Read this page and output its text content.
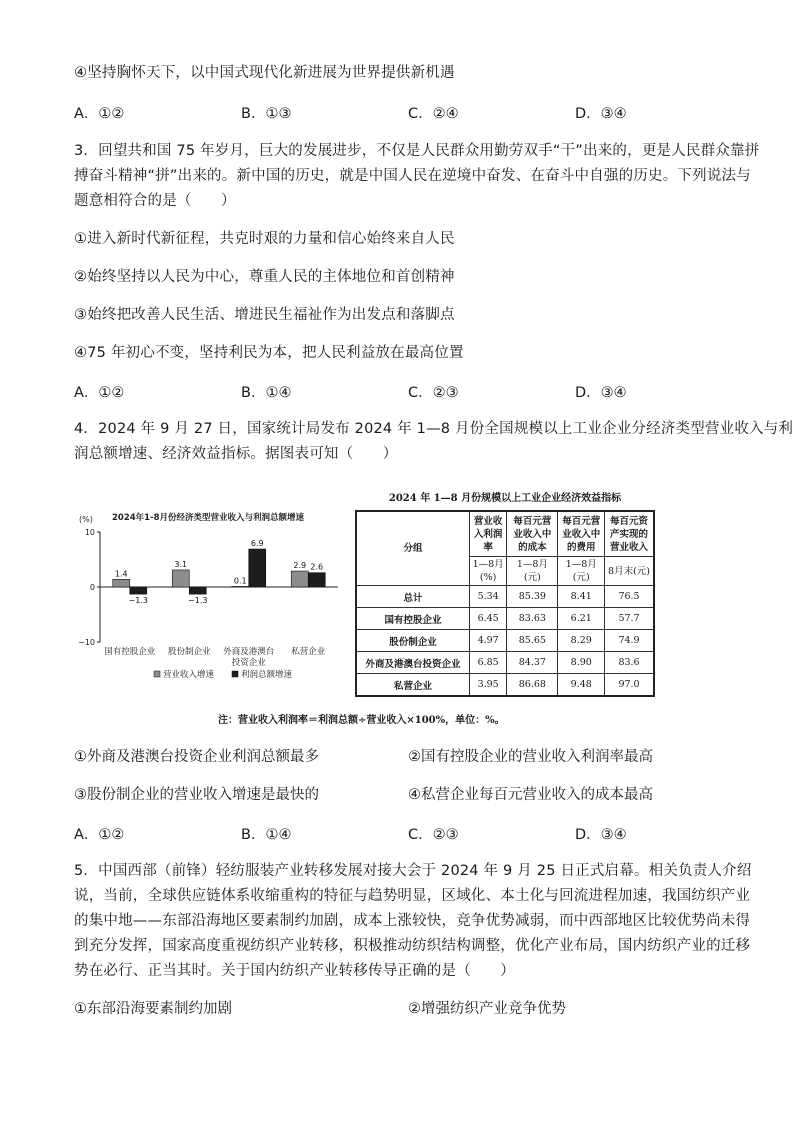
④坚持胸怀天下，以中国式现代化新进展为世界提供新机遇
A．①②	B．①③	C．②④	D．③④
3．回望共和国 75 年岁月，巨大的发展进步，不仅是人民群众用勤劳双手“干”出来的，更是人民群众靠拼
搏奋斗精神“拼”出来的。新中国的历史，就是中国人民在逆境中奋发、在奋斗中自强的历史。下列说法与
题意相符合的是（　　）
①进入新时代新征程，共克时艰的力量和信心始终来自人民
②始终坚持以人民为中心，尊重人民的主体地位和首创精神
③始终把改善人民生活、增进民生福祉作为出发点和落脚点
④75 年初心不变，坚持利民为本，把人民利益放在最高位置
A．①②	B．①④	C．②③	D．③④
4．2024 年 9 月 27 日，国家统计局发布 2024 年 1—8 月份全国规模以上工业企业分经济类型营业收入与利
润总额增速、经济效益指标。据图表可知（　　）
2024年1-8月份经济类型营业收入与利润总额增速
(%)
10
0
−10
1.4
−1.3
国有控股企业
3.1
−1.3
股份制企业
0.1
6.9
外商及港澳台
投资企业
2.9 2.6
私营企业
营业收入增速	利润总额增速
2024 年 1—8 月份规模以上工业企业经济效益指标
分组	营业收入利润率	每百元营业收入中的成本	每百元营业收入中的费用	每百元资产实现的营业收入
	1—8月(%)	1—8月(元)	1—8月(元)	8月末(元)
总计	5.34	85.39	8.41	76.5
国有控股企业	6.45	83.63	6.21	57.7
股份制企业	4.97	85.65	8.29	74.9
外商及港澳台投资企业	6.85	84.37	8.90	83.6
私营企业	3.95	86.68	9.48	97.0
注：营业收入利润率＝利润总额÷营业收入×100%，单位：%。
①外商及港澳台投资企业利润总额最多	②国有控股企业的营业收入利润率最高
③股份制企业的营业收入增速是最快的	④私营企业每百元营业收入的成本最高
A．①②	B．①④	C．②③	D．③④
5．中国西部（前锋）轻纺服装产业转移发展对接大会于 2024 年 9 月 25 日正式启幕。相关负责人介绍
说，当前，全球供应链体系收缩重构的特征与趋势明显，区域化、本土化与回流进程加速，我国纺织产业
的集中地——东部沿海地区要素制约加剧，成本上涨较快，竞争优势减弱，而中西部地区比较优势尚未得
到充分发挥，国家高度重视纺织产业转移，积极推动纺织结构调整，优化产业布局，国内纺织产业的迁移
势在必行、正当其时。关于国内纺织产业转移传导正确的是（　　）
①东部沿海要素制约加剧	②增强纺织产业竞争优势
